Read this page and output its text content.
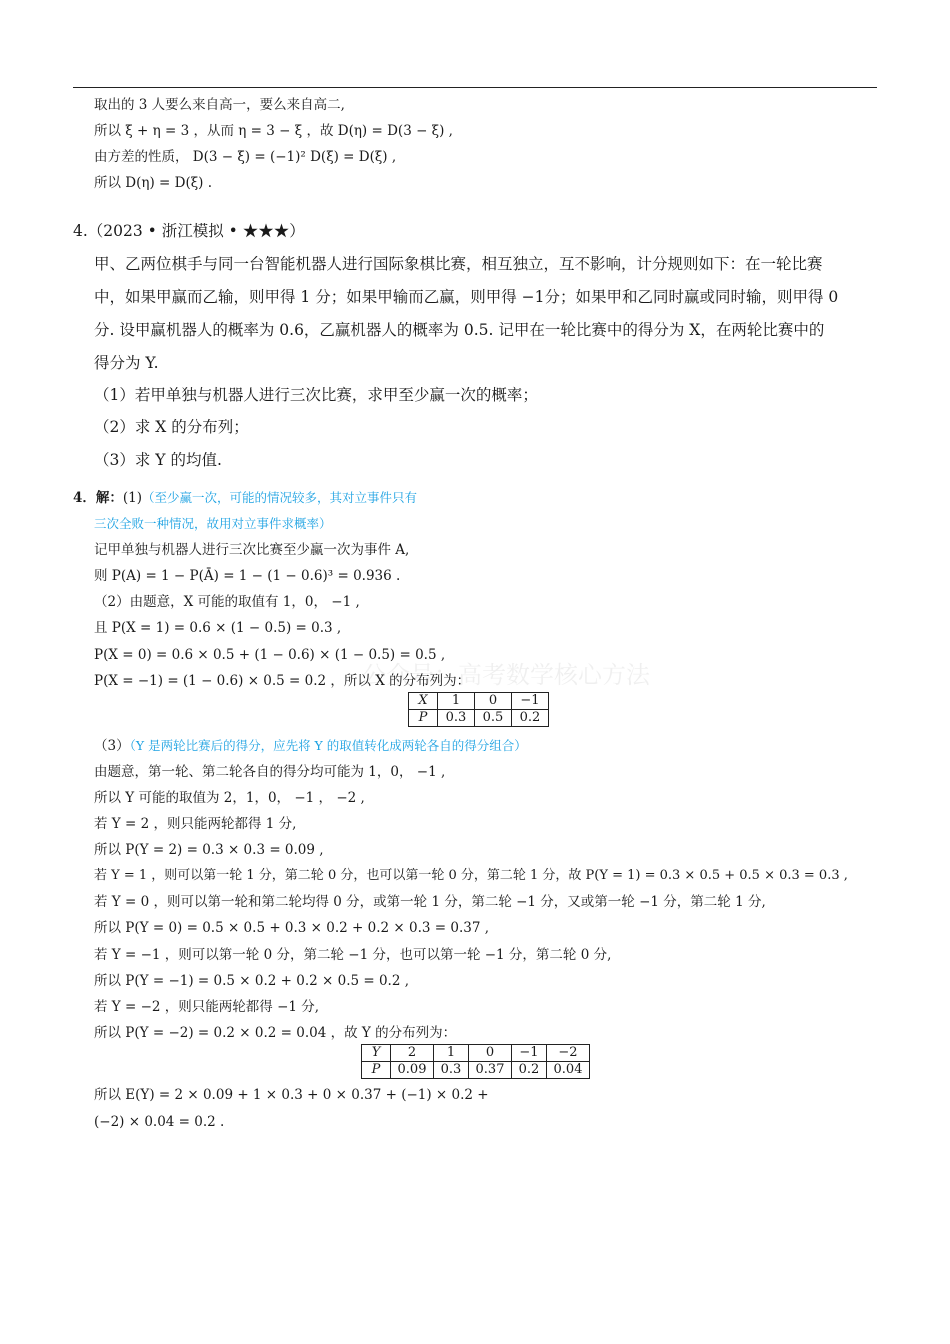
取出的 3 人要么来自高一，要么来自高二,
所以 ξ + η = 3 ，从而 η = 3 − ξ ，故 D(η) = D(3 − ξ) ,
由方差的性质， D(3 − ξ) = (−1)² D(ξ) = D(ξ) ,
所以 D(η) = D(ξ) .
4.（2023 • 浙江模拟 • ★★★）
甲、乙两位棋手与同一台智能机器人进行国际象棋比赛，相互独立，互不影响，计分规则如下：在一轮比赛
中，如果甲赢而乙输，则甲得 1 分；如果甲输而乙赢，则甲得 −1分；如果甲和乙同时赢或同时输，则甲得 0
分. 设甲赢机器人的概率为 0.6，乙赢机器人的概率为 0.5. 记甲在一轮比赛中的得分为 X，在两轮比赛中的
得分为 Y.
（1）若甲单独与机器人进行三次比赛，求甲至少赢一次的概率；
（2）求 X 的分布列；
（3）求 Y 的均值.
4．解：(1)（至少赢一次，可能的情况较多，其对立事件只有
三次全败一种情况，故用对立事件求概率）
记甲单独与机器人进行三次比赛至少赢一次为事件 A,
则 P(A) = 1 − P(Ā) = 1 − (1 − 0.6)³ = 0.936 .
（2）由题意，X 可能的取值有 1，0， −1 ,
且 P(X = 1) = 0.6 × (1 − 0.5) = 0.3 ,
P(X = 0) = 0.6 × 0.5 + (1 − 0.6) × (1 − 0.5) = 0.5 ,
P(X = −1) = (1 − 0.6) × 0.5 = 0.2 ，所以 X 的分布列为：
公众号：高考数学核心方法
X	1	0	−1
P	0.3	0.5	0.2
（3）（Y 是两轮比赛后的得分，应先将 Y 的取值转化成两轮各自的得分组合）
由题意，第一轮、第二轮各自的得分均可能为 1，0， −1 ,
所以 Y 可能的取值为 2，1，0， −1 ， −2 ,
若 Y = 2 ，则只能两轮都得 1 分,
所以 P(Y = 2) = 0.3 × 0.3 = 0.09 ,
若 Y = 1 ，则可以第一轮 1 分，第二轮 0 分，也可以第一轮 0 分，第二轮 1 分，故 P(Y = 1) = 0.3 × 0.5 + 0.5 × 0.3 = 0.3 ,
若 Y = 0 ，则可以第一轮和第二轮均得 0 分，或第一轮 1 分，第二轮 −1 分，又或第一轮 −1 分，第二轮 1 分,
所以 P(Y = 0) = 0.5 × 0.5 + 0.3 × 0.2 + 0.2 × 0.3 = 0.37 ,
若 Y = −1 ，则可以第一轮 0 分，第二轮 −1 分，也可以第一轮 −1 分，第二轮 0 分,
所以 P(Y = −1) = 0.5 × 0.2 + 0.2 × 0.5 = 0.2 ,
若 Y = −2 ，则只能两轮都得 −1 分,
所以 P(Y = −2) = 0.2 × 0.2 = 0.04 ，故 Y 的分布列为：
Y	2	1	0	−1	−2
P	0.09	0.3	0.37	0.2	0.04
所以 E(Y) = 2 × 0.09 + 1 × 0.3 + 0 × 0.37 + (−1) × 0.2 +
(−2) × 0.04 = 0.2 .
